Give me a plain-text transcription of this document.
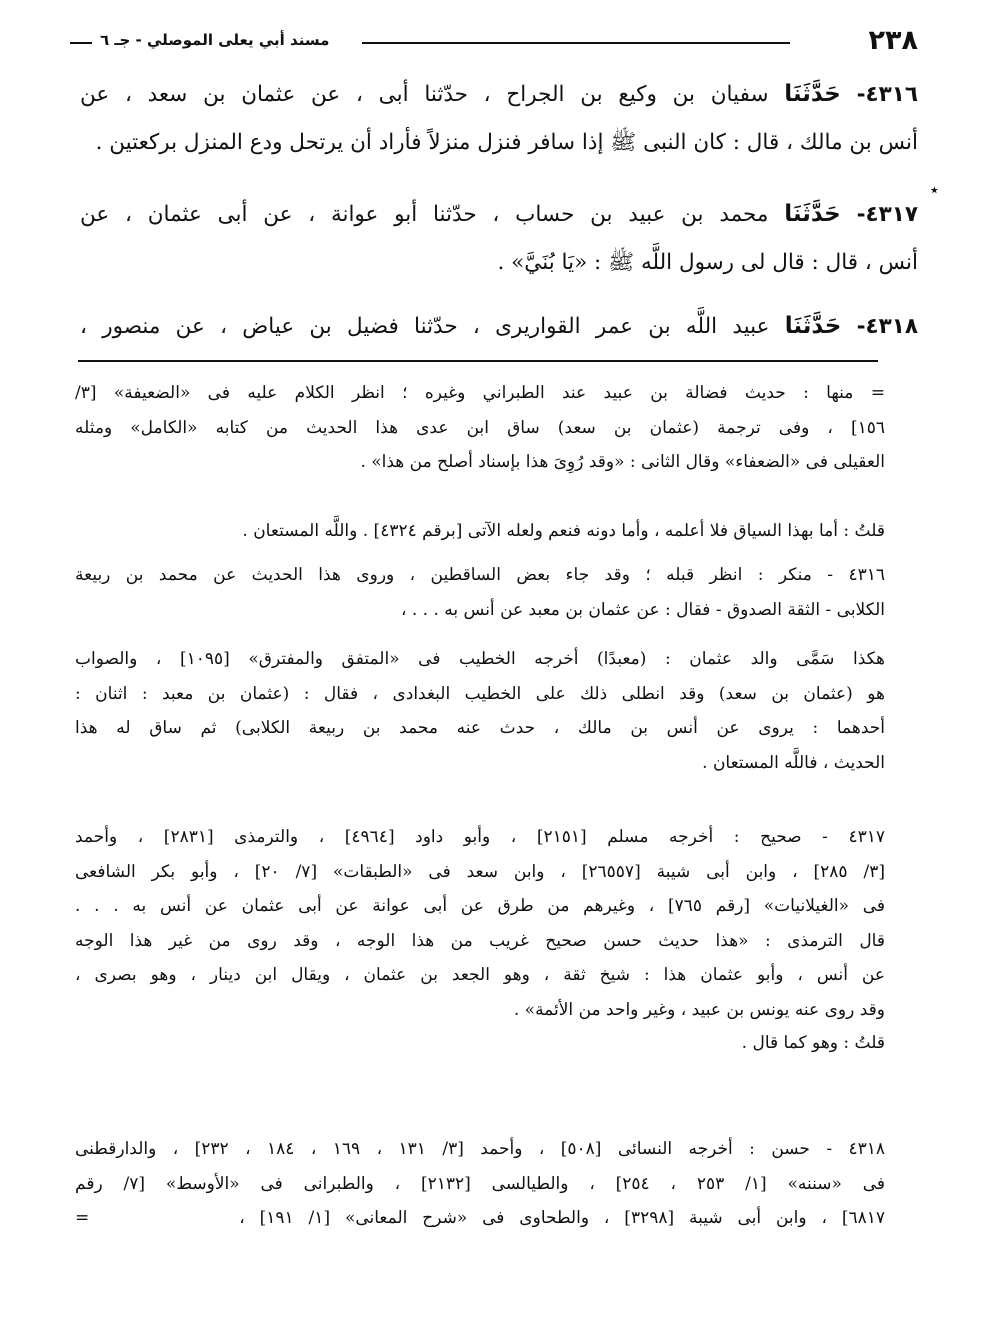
٢٣٨
مسند أبي يعلى الموصلي - جـ ٦
٤٣١٦- حَدَّثَنَا سفيان بن وكيع بن الجراح ، حدّثنا أبى ، عن عثمان بن سعد ، عن
أنس بن مالك ، قال : كان النبى ﷺ إذا سافر فنزل منزلاً فأراد أن يرتحل ودع المنزل بركعتين .
٭
٤٣١٧- حَدَّثَنَا محمد بن عبيد بن حساب ، حدّثنا أبو عوانة ، عن أبى عثمان ، عن
أنس ، قال : قال لى رسول اللَّه ﷺ : «يَا بُنَيَّ» .
٤٣١٨- حَدَّثَنَا عبيد اللَّه بن عمر القواريرى ، حدّثنا فضيل بن عياض ، عن منصور ،
= منها : حديث فضالة بن عبيد عند الطبراني وغيره ؛ انظر الكلام عليه فى «الضعيفة» [٣/
١٥٦] ، وفى ترجمة (عثمان بن سعد) ساق ابن عدى هذا الحديث من كتابه «الكامل» ومثله
العقيلى فى «الضعفاء» وقال الثانى : «وقد رُوِىَ هذا بإسناد أصلح من هذا» .
قلتُ : أما بهذا السياق فلا أعلمه ، وأما دونه فنعم ولعله الآتى [برقم ٤٣٢٤] . واللَّه المستعان .
٤٣١٦ - منكر : انظر قبله ؛ وقد جاء بعض الساقطين ، وروى هذا الحديث عن محمد بن ربيعة
الكلابى - الثقة الصدوق - فقال : عن عثمان بن معبد عن أنس به . . . ،
هكذا سَمَّى والد عثمان : (معبدًا) أخرجه الخطيب فى «المتفق والمفترق» [١٠٩٥] ، والصواب
هو (عثمان بن سعد) وقد انطلى ذلك على الخطيب البغدادى ، فقال : (عثمان بن معبد : اثنان :
أحدهما : يروى عن أنس بن مالك ، حدث عنه محمد بن ربيعة الكلابى) ثم ساق له هذا
الحديث ، فاللَّه المستعان .
٤٣١٧ - صحيح : أخرجه مسلم [٢١٥١] ، وأبو داود [٤٩٦٤] ، والترمذى [٢٨٣١] ، وأحمد
[٣/ ٢٨٥] ، وابن أبى شيبة [٢٦٥٥٧] ، وابن سعد فى «الطبقات» [٧/ ٢٠] ، وأبو بكر الشافعى
فى «الغيلانيات» [رقم ٧٦٥] ، وغيرهم من طرق عن أبى عوانة عن أبى عثمان عن أنس به . . .
قال الترمذى : «هذا حديث حسن صحيح غريب من هذا الوجه ، وقد روى من غير هذا الوجه
عن أنس ، وأبو عثمان هذا : شيخ ثقة ، وهو الجعد بن عثمان ، ويقال ابن دينار ، وهو بصرى ،
وقد روى عنه يونس بن عبيد ، وغير واحد من الأئمة» .
قلتُ : وهو كما قال .
٤٣١٨ - حسن : أخرجه النسائى [٥٠٨] ، وأحمد [٣/ ١٣١ ، ١٦٩ ، ١٨٤ ، ٢٣٢] ، والدارقطنى
فى «سننه» [١/ ٢٥٣ ، ٢٥٤] ، والطيالسى [٢١٣٢] ، والطبرانى فى «الأوسط» [٧/ رقم
٦٨١٧] ، وابن أبى شيبة [٣٢٩٨] ، والطحاوى فى «شرح المعانى» [١/ ١٩١] ،=
